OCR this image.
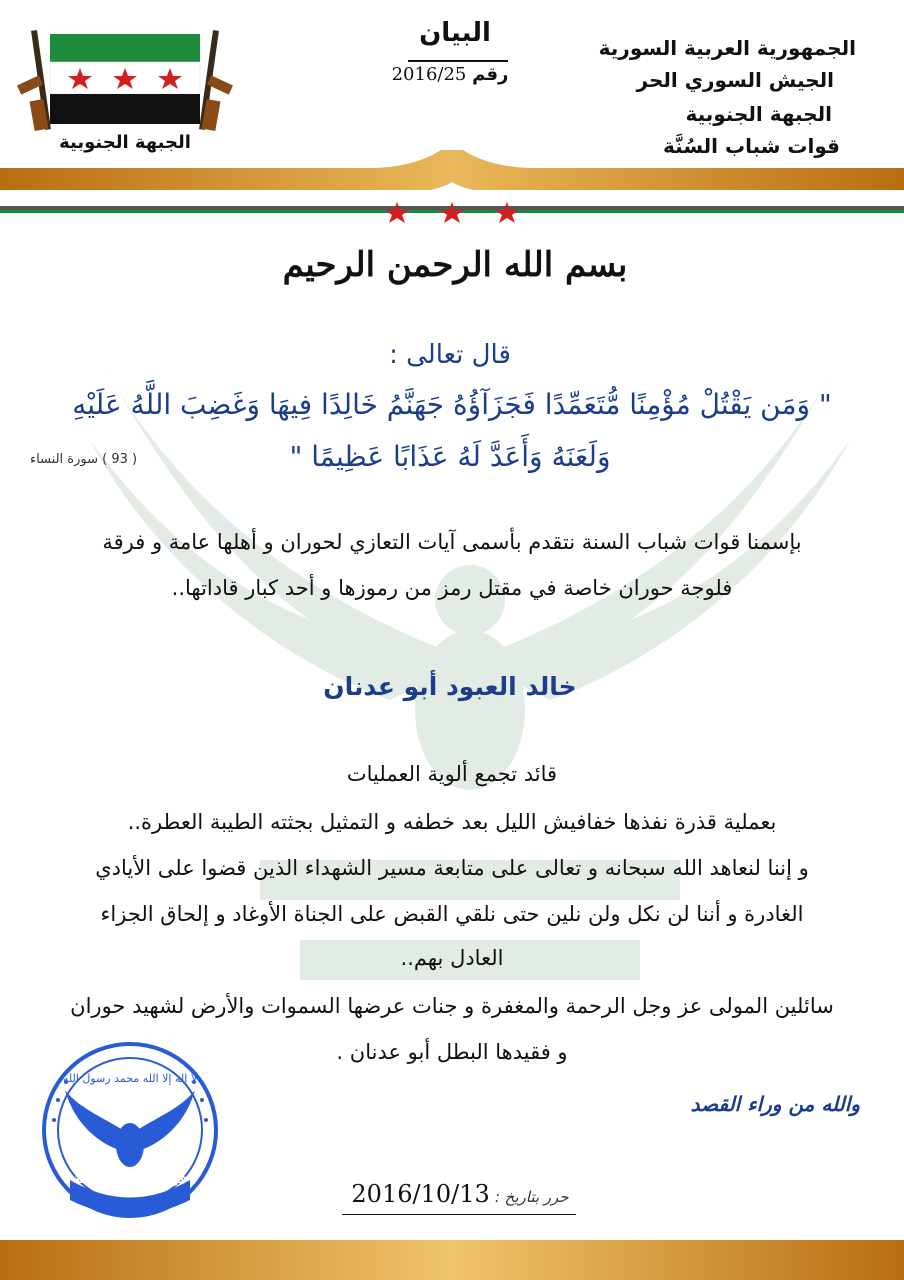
الجبهة الجنوبية
البيان
رقم 2016/25
الجمهورية العربية السورية
الجيش السوري الحر
الجبهة الجنوبية
قوات شباب السُنَّة
بسم الله الرحمن الرحيم
قال تعالى :
" وَمَن يَقْتُلْ مُؤْمِنًا مُّتَعَمِّدًا فَجَزَآؤُهُ جَهَنَّمُ خَالِدًا فِيهَا وَغَضِبَ اللَّهُ عَلَيْهِ
وَلَعَنَهُ وَأَعَدَّ لَهُ عَذَابًا عَظِيمًا "
( 93 ) سورة النساء
بإسمنا قوات شباب السنة نتقدم بأسمى آيات التعازي لحوران و أهلها عامة و فرقة
فلوجة حوران خاصة في مقتل رمز من رموزها و أحد كبار قاداتها..
خالد العبود أبو عدنان
قائد تجمع ألوية العمليات
بعملية قذرة نفذها خفافيش الليل بعد خطفه و التمثيل بجثته الطيبة العطرة..
و إننا لنعاهد الله سبحانه و تعالى على متابعة مسير الشهداء الذين قضوا على الأيادي
الغادرة و أننا لن نكل ولن نلين حتى نلقي القبض على الجناة الأوغاد و إلحاق الجزاء
العادل بهم..
سائلين المولى عز وجل الرحمة والمغفرة و جنات عرضها السموات والأرض لشهيد حوران
و فقيدها البطل أبو عدنان .
والله من وراء القصد
لا إله إلا الله محمد رسول الله
قوات شباب السنة
حرر بتاريخ : 2016/10/13
